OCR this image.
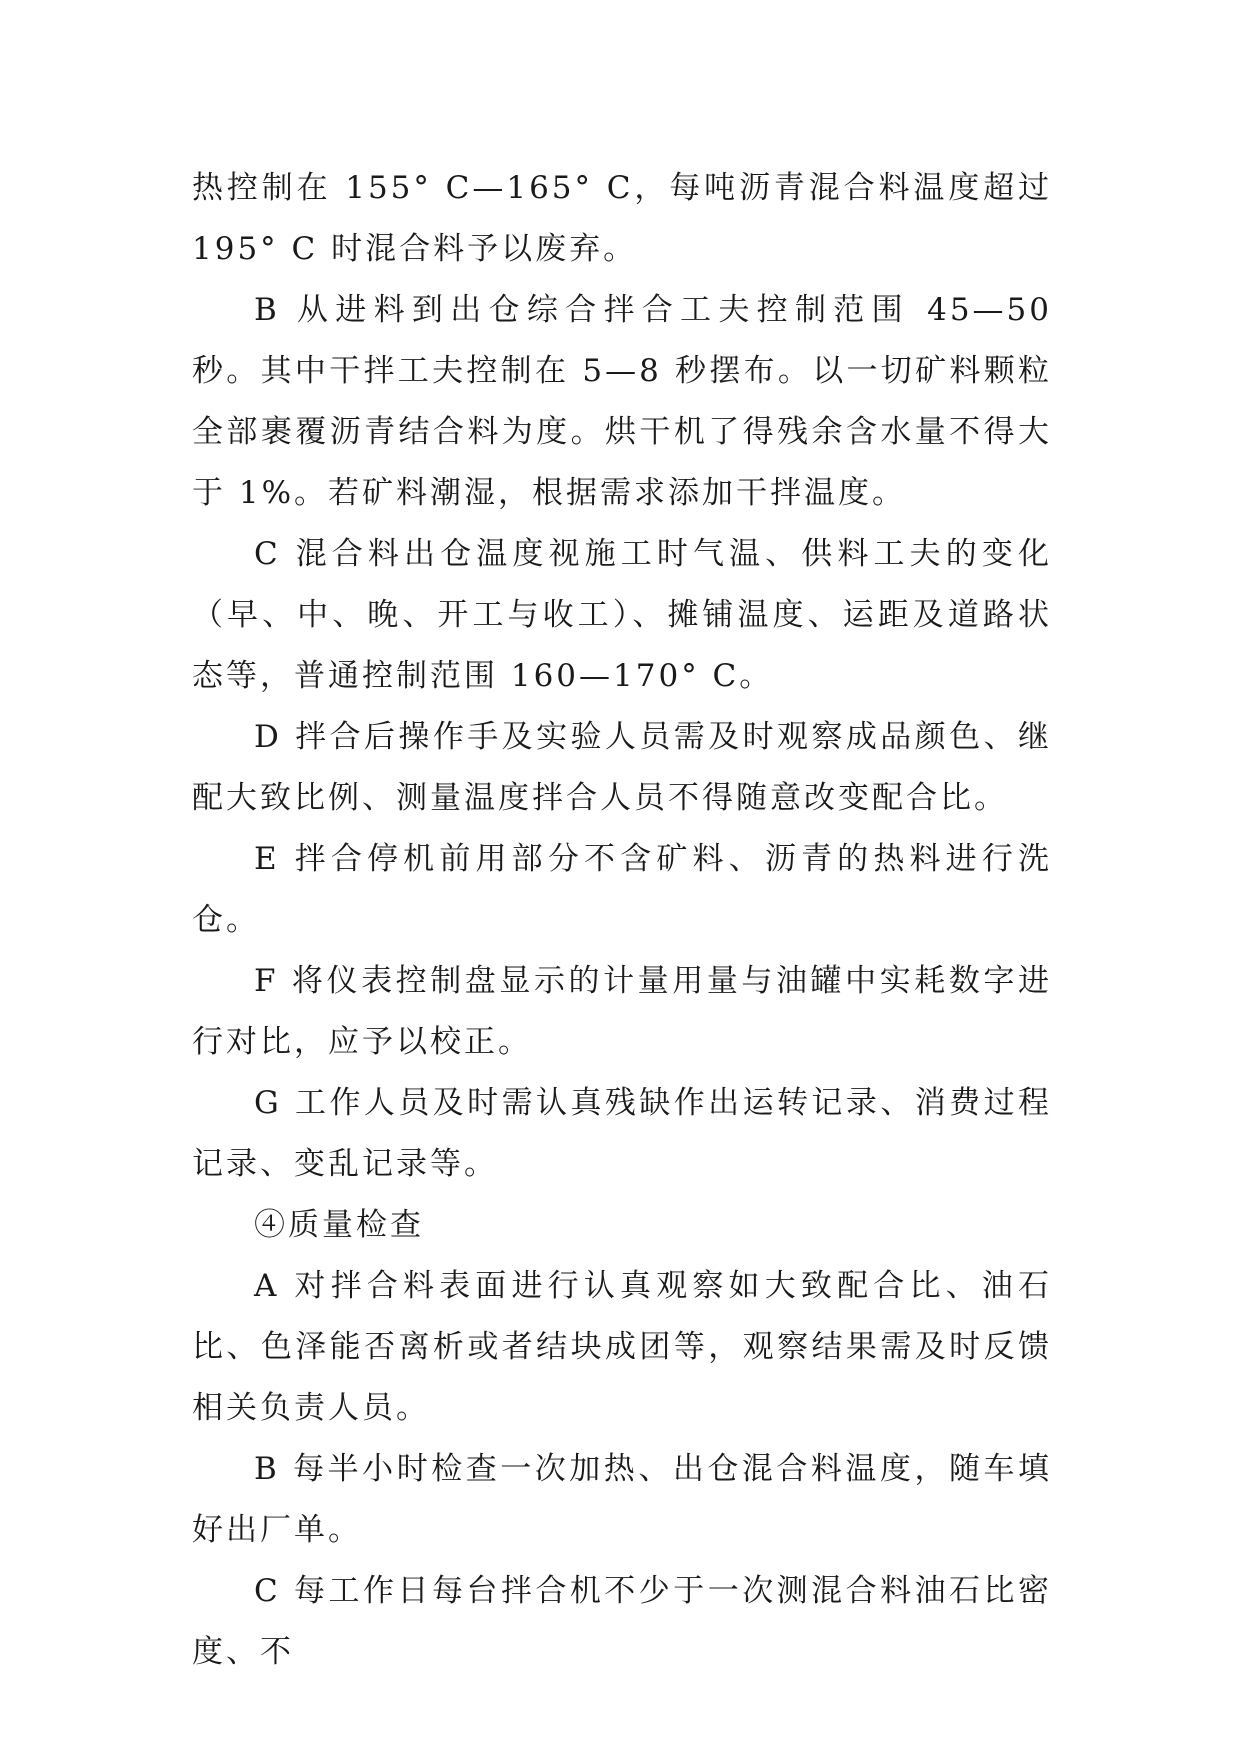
热控制在 155° C—165° C，每吨沥青混合料温度超过 195° C 时混合料予以废弃。

B 从进料到出仓综合拌合工夫控制范围 45—50 秒。其中干拌工夫控制在 5—8 秒摆布。以一切矿料颗粒全部裹覆沥青结合料为度。烘干机了得残余含水量不得大于 1%。若矿料潮湿，根据需求添加干拌温度。

C 混合料出仓温度视施工时气温、供料工夫的变化（早、中、晚、开工与收工）、摊铺温度、运距及道路状态等，普通控制范围 160—170° C。

D 拌合后操作手及实验人员需及时观察成品颜色、继配大致比例、测量温度拌合人员不得随意改变配合比。

E 拌合停机前用部分不含矿料、沥青的热料进行洗仓。

F 将仪表控制盘显示的计量用量与油罐中实耗数字进行对比，应予以校正。

G 工作人员及时需认真残缺作出运转记录、消费过程记录、变乱记录等。

④质量检查

A 对拌合料表面进行认真观察如大致配合比、油石比、色泽能否离析或者结块成团等，观察结果需及时反馈相关负责人员。

B 每半小时检查一次加热、出仓混合料温度，随车填好出厂单。

C 每工作日每台拌合机不少于一次测混合料油石比密度、不
